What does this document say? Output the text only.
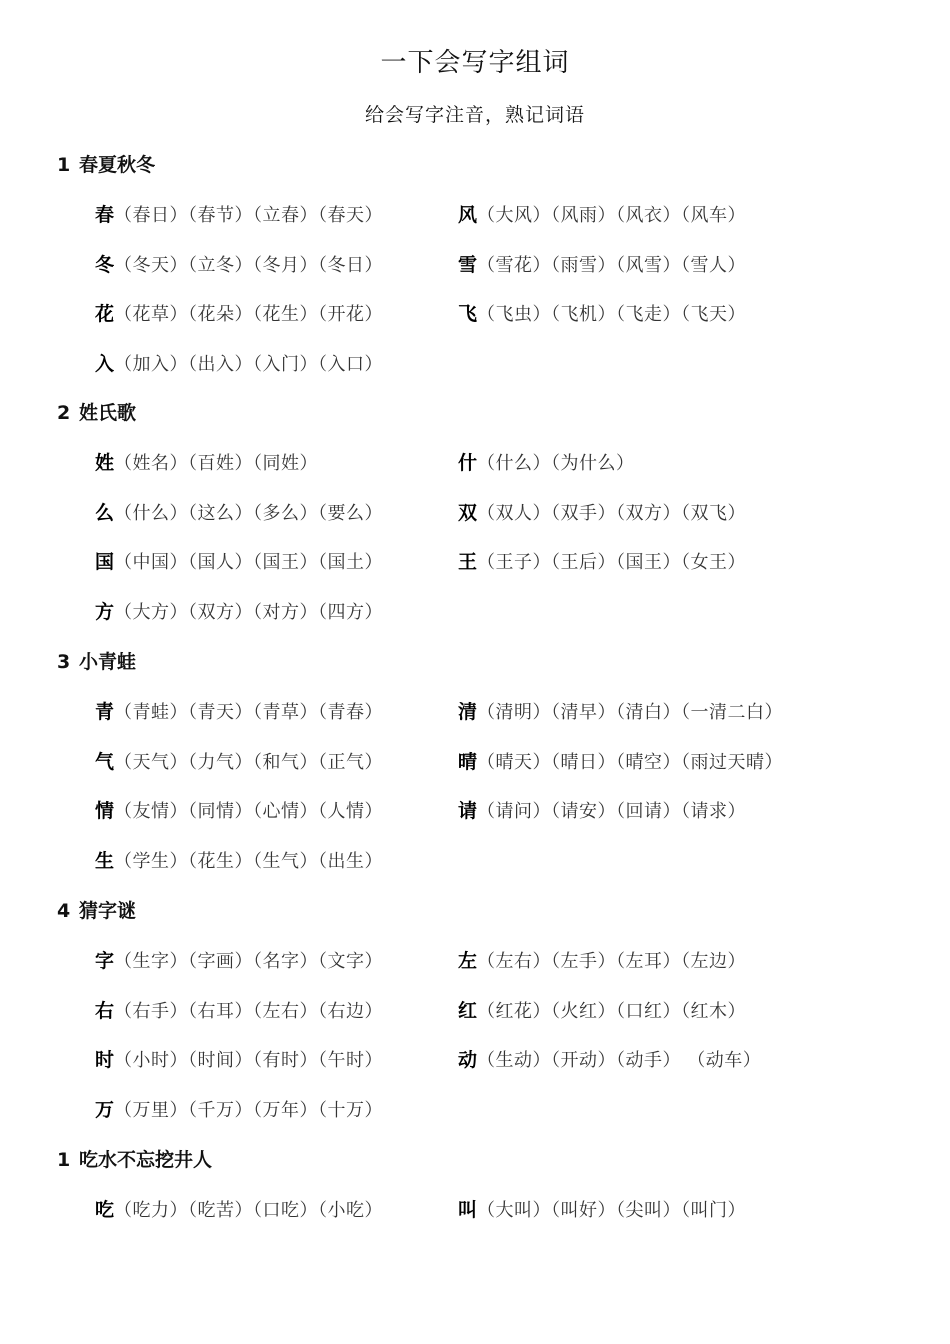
一下会写字组词
给会写字注音，熟记词语
1 春夏秋冬
春（春日）（春节）（立春）（春天）	风（大风）（风雨）（风衣）（风车）
冬（冬天）（立冬）（冬月）（冬日）	雪（雪花）（雨雪）（风雪）（雪人）
花（花草）（花朵）（花生）（开花）	飞（飞虫）（飞机）（飞走）（飞天）
入（加入）（出入）（入门）（入口）
2 姓氏歌
姓（姓名）（百姓）（同姓）	什（什么）（为什么）
么（什么）（这么）（多么）（要么）	双（双人）（双手）（双方）（双飞）
国（中国）（国人）（国王）（国土）	王（王子）（王后）（国王）（女王）
方（大方）（双方）（对方）（四方）
3 小青蛙
青（青蛙）（青天）（青草）（青春）	清（清明）（清早）（清白）（一清二白）
气（天气）（力气）（和气）（正气）	晴（晴天）（晴日）（晴空）（雨过天晴）
情（友情）（同情）（心情）（人情）	请（请问）（请安）（回请）（请求）
生（学生）（花生）（生气）（出生）
4 猜字谜
字（生字）（字画）（名字）（文字）	左（左右）（左手）（左耳）（左边）
右（右手）（右耳）（左右）（右边）	红（红花）（火红）（口红）（红木）
时（小时）（时间）（有时）（午时）	动（生动）（开动）（动手） （动车）
万（万里）（千万）（万年）（十万）
1 吃水不忘挖井人
吃（吃力）（吃苦）（口吃）（小吃）	叫（大叫）（叫好）（尖叫）（叫门）
